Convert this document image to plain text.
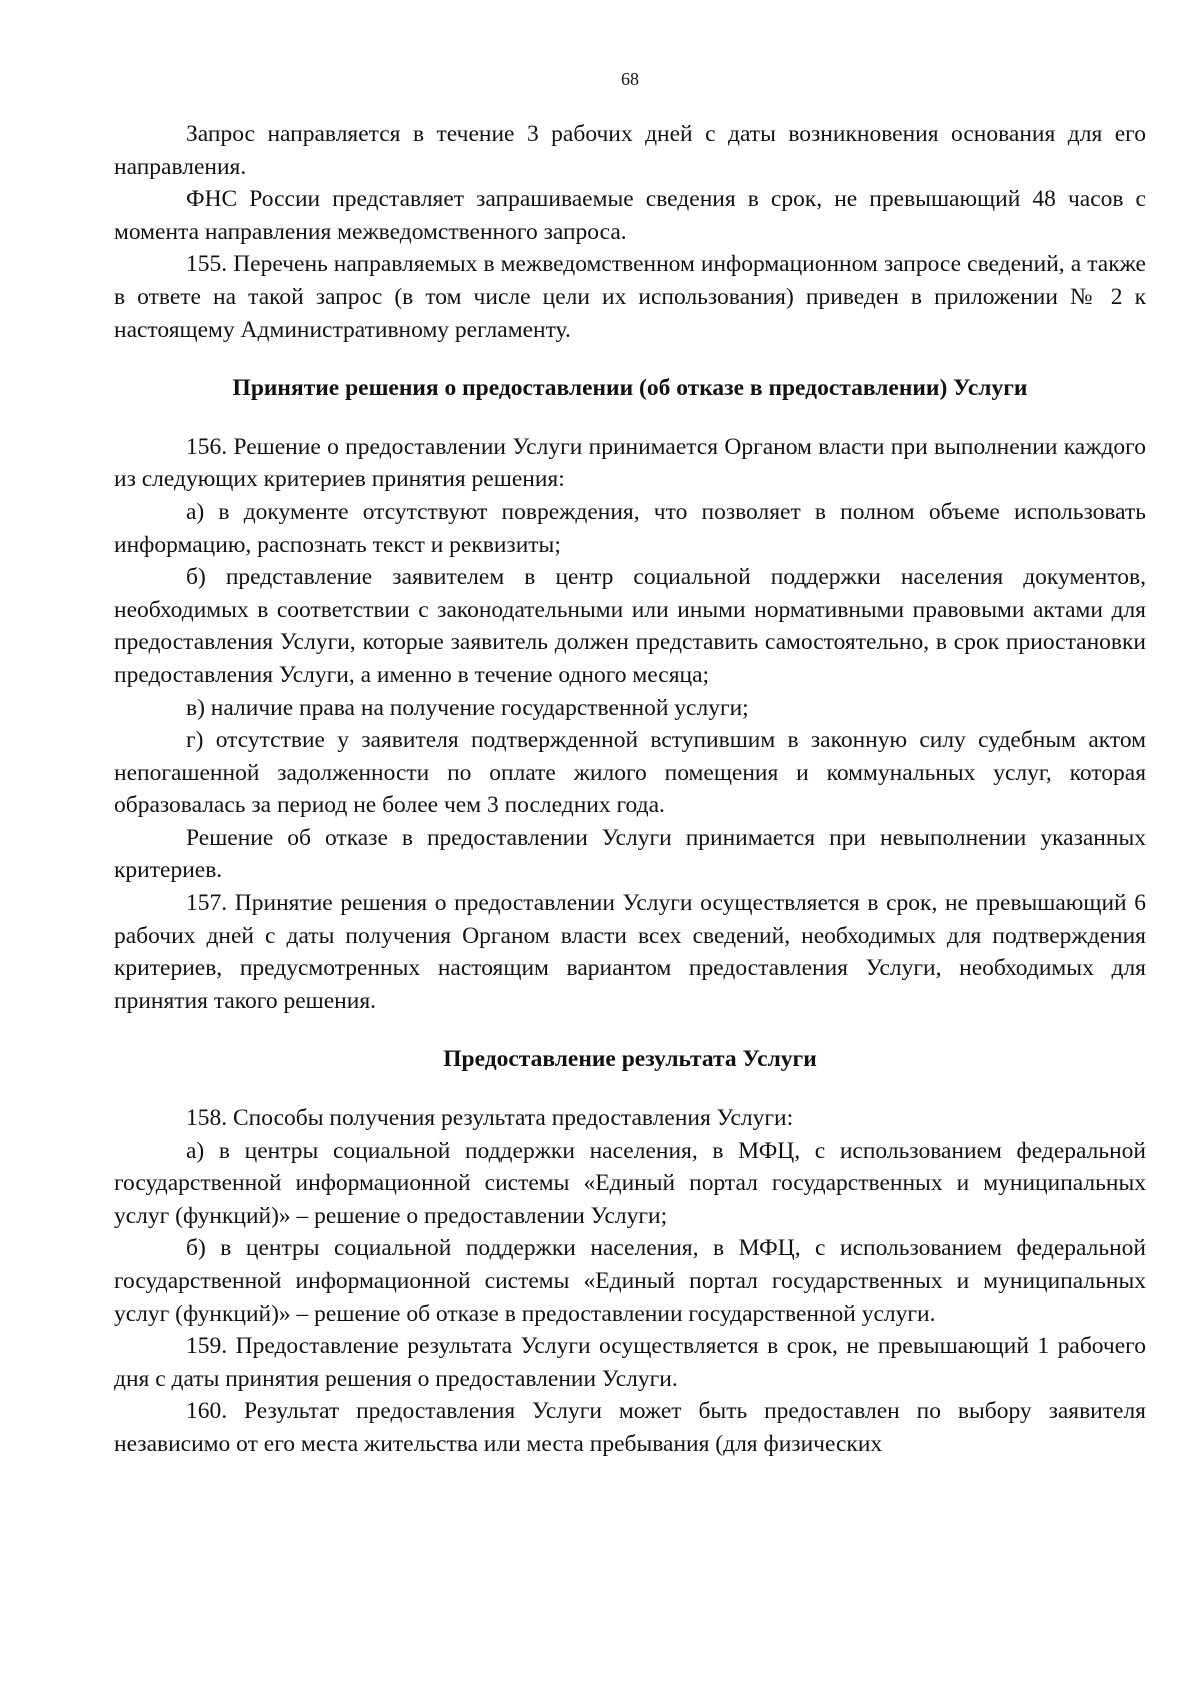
68

Запрос направляется в течение 3 рабочих дней с даты возникновения основания для его направления.

ФНС России представляет запрашиваемые сведения в срок, не превышающий 48 часов с момента направления межведомственного запроса.

155. Перечень направляемых в межведомственном информационном запросе сведений, а также в ответе на такой запрос (в том числе цели их использования) приведен в приложении № 2 к настоящему Административному регламенту.

Принятие решения о предоставлении (об отказе в предоставлении) Услуги

156. Решение о предоставлении Услуги принимается Органом власти при выполнении каждого из следующих критериев принятия решения:

а) в документе отсутствуют повреждения, что позволяет в полном объеме использовать информацию, распознать текст и реквизиты;

б) представление заявителем в центр социальной поддержки населения документов, необходимых в соответствии с законодательными или иными нормативными правовыми актами для предоставления Услуги, которые заявитель должен представить самостоятельно, в срок приостановки предоставления Услуги, а именно в течение одного месяца;

в) наличие права на получение государственной услуги;

г) отсутствие у заявителя подтвержденной вступившим в законную силу судебным актом непогашенной задолженности по оплате жилого помещения и коммунальных услуг, которая образовалась за период не более чем 3 последних года.

Решение об отказе в предоставлении Услуги принимается при невыполнении указанных критериев.

157. Принятие решения о предоставлении Услуги осуществляется в срок, не превышающий 6 рабочих дней с даты получения Органом власти всех сведений, необходимых для подтверждения критериев, предусмотренных настоящим вариантом предоставления Услуги, необходимых для принятия такого решения.

Предоставление результата Услуги

158. Способы получения результата предоставления Услуги:

а) в центры социальной поддержки населения, в МФЦ, с использованием федеральной государственной информационной системы «Единый портал государственных и муниципальных услуг (функций)» – решение о предоставлении Услуги;

б) в центры социальной поддержки населения, в МФЦ, с использованием федеральной государственной информационной системы «Единый портал государственных и муниципальных услуг (функций)» – решение об отказе в предоставлении государственной услуги.

159. Предоставление результата Услуги осуществляется в срок, не превышающий 1 рабочего дня с даты принятия решения о предоставлении Услуги.

160. Результат предоставления Услуги может быть предоставлен по выбору заявителя независимо от его места жительства или места пребывания (для физических
